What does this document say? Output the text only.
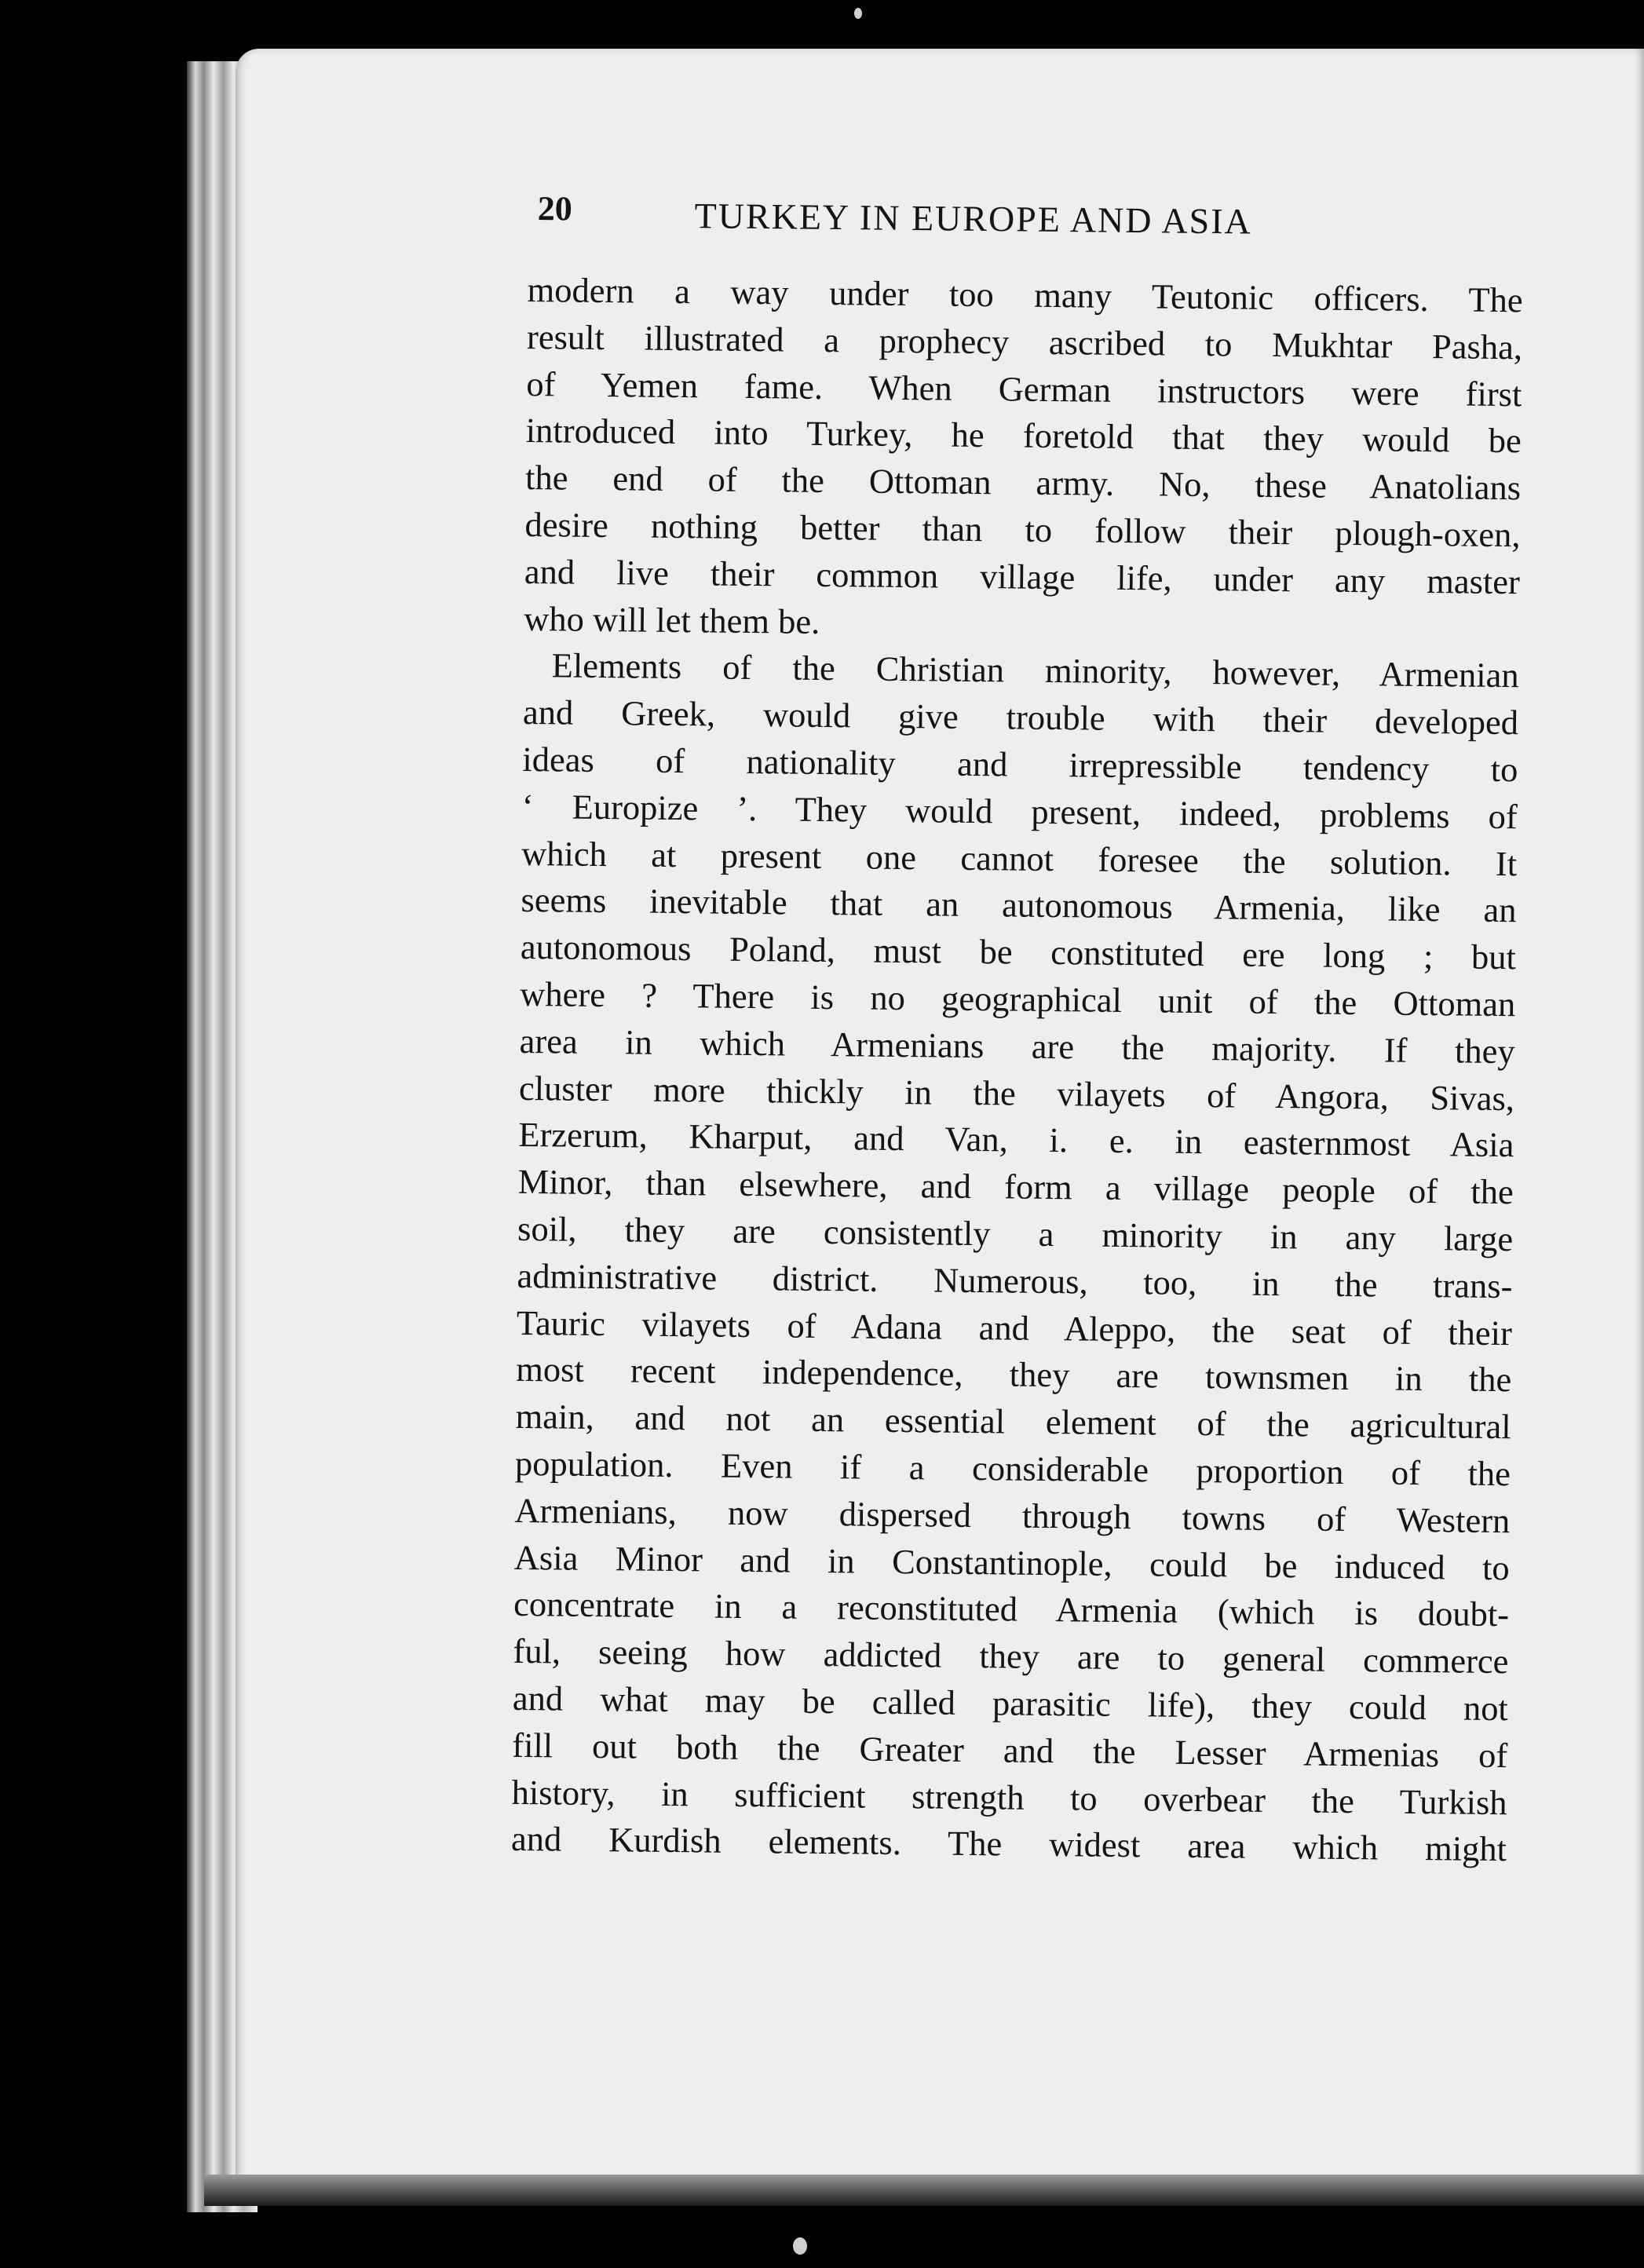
20	TURKEY IN EUROPE AND ASIA
modern a way under too many Teutonic officers. The
result illustrated a prophecy ascribed to Mukhtar Pasha,
of Yemen fame. When German instructors were first
introduced into Turkey, he foretold that they would be
the end of the Ottoman army. No, these Anatolians
desire nothing better than to follow their plough-oxen,
and live their common village life, under any master
who will let them be.
Elements of the Christian minority, however, Armenian
and Greek, would give trouble with their developed
ideas of nationality and irrepressible tendency to
‘ Europize ’. They would present, indeed, problems of
which at present one cannot foresee the solution. It
seems inevitable that an autonomous Armenia, like an
autonomous Poland, must be constituted ere long ; but
where ? There is no geographical unit of the Ottoman
area in which Armenians are the majority. If they
cluster more thickly in the vilayets of Angora, Sivas,
Erzerum, Kharput, and Van, i. e. in easternmost Asia
Minor, than elsewhere, and form a village people of the
soil, they are consistently a minority in any large
administrative district. Numerous, too, in the trans-
Tauric vilayets of Adana and Aleppo, the seat of their
most recent independence, they are townsmen in the
main, and not an essential element of the agricultural
population. Even if a considerable proportion of the
Armenians, now dispersed through towns of Western
Asia Minor and in Constantinople, could be induced to
concentrate in a reconstituted Armenia (which is doubt-
ful, seeing how addicted they are to general commerce
and what may be called parasitic life), they could not
fill out both the Greater and the Lesser Armenias of
history, in sufficient strength to overbear the Turkish
and Kurdish elements. The widest area which might
